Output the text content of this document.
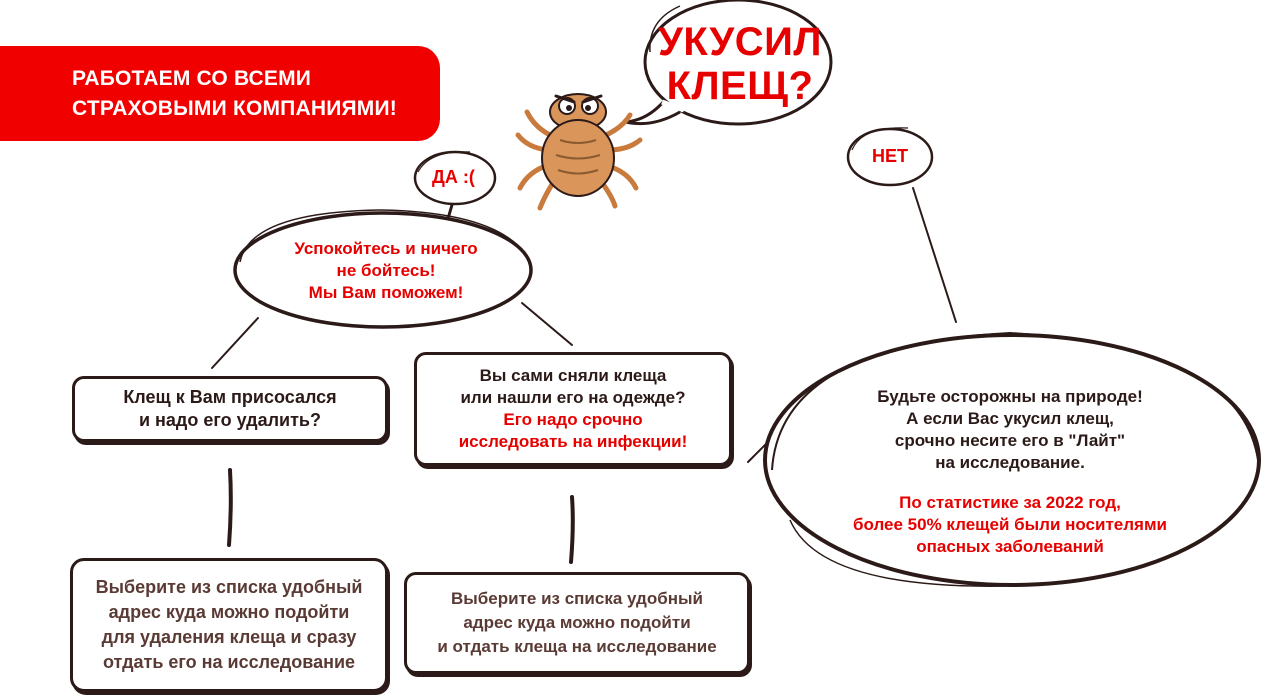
РАБОТАЕМ СО ВСЕМИ
СТРАХОВЫМИ КОМПАНИЯМИ!
УКУСИЛ
КЛЕЩ?
ДА :(
НЕТ
Успокойтесь и ничего
не бойтесь!
Мы Вам поможем!
Клещ к Вам присосался
и надо его удалить?
Вы сами сняли клеща
или нашли его на одежде?
Его надо срочно
исследовать на инфекции!
Выберите из списка удобный
адрес куда можно подойти
для удаления клеща и сразу
отдать его на исследование
Выберите из списка удобный
адрес куда можно подойти
и отдать клеща на исследование
Будьте осторожны на природе!
А если Вас укусил клещ,
срочно несите его в "Лайт"
на исследование.
По статистике за 2022 год,
более 50% клещей были носителями
опасных заболеваний
